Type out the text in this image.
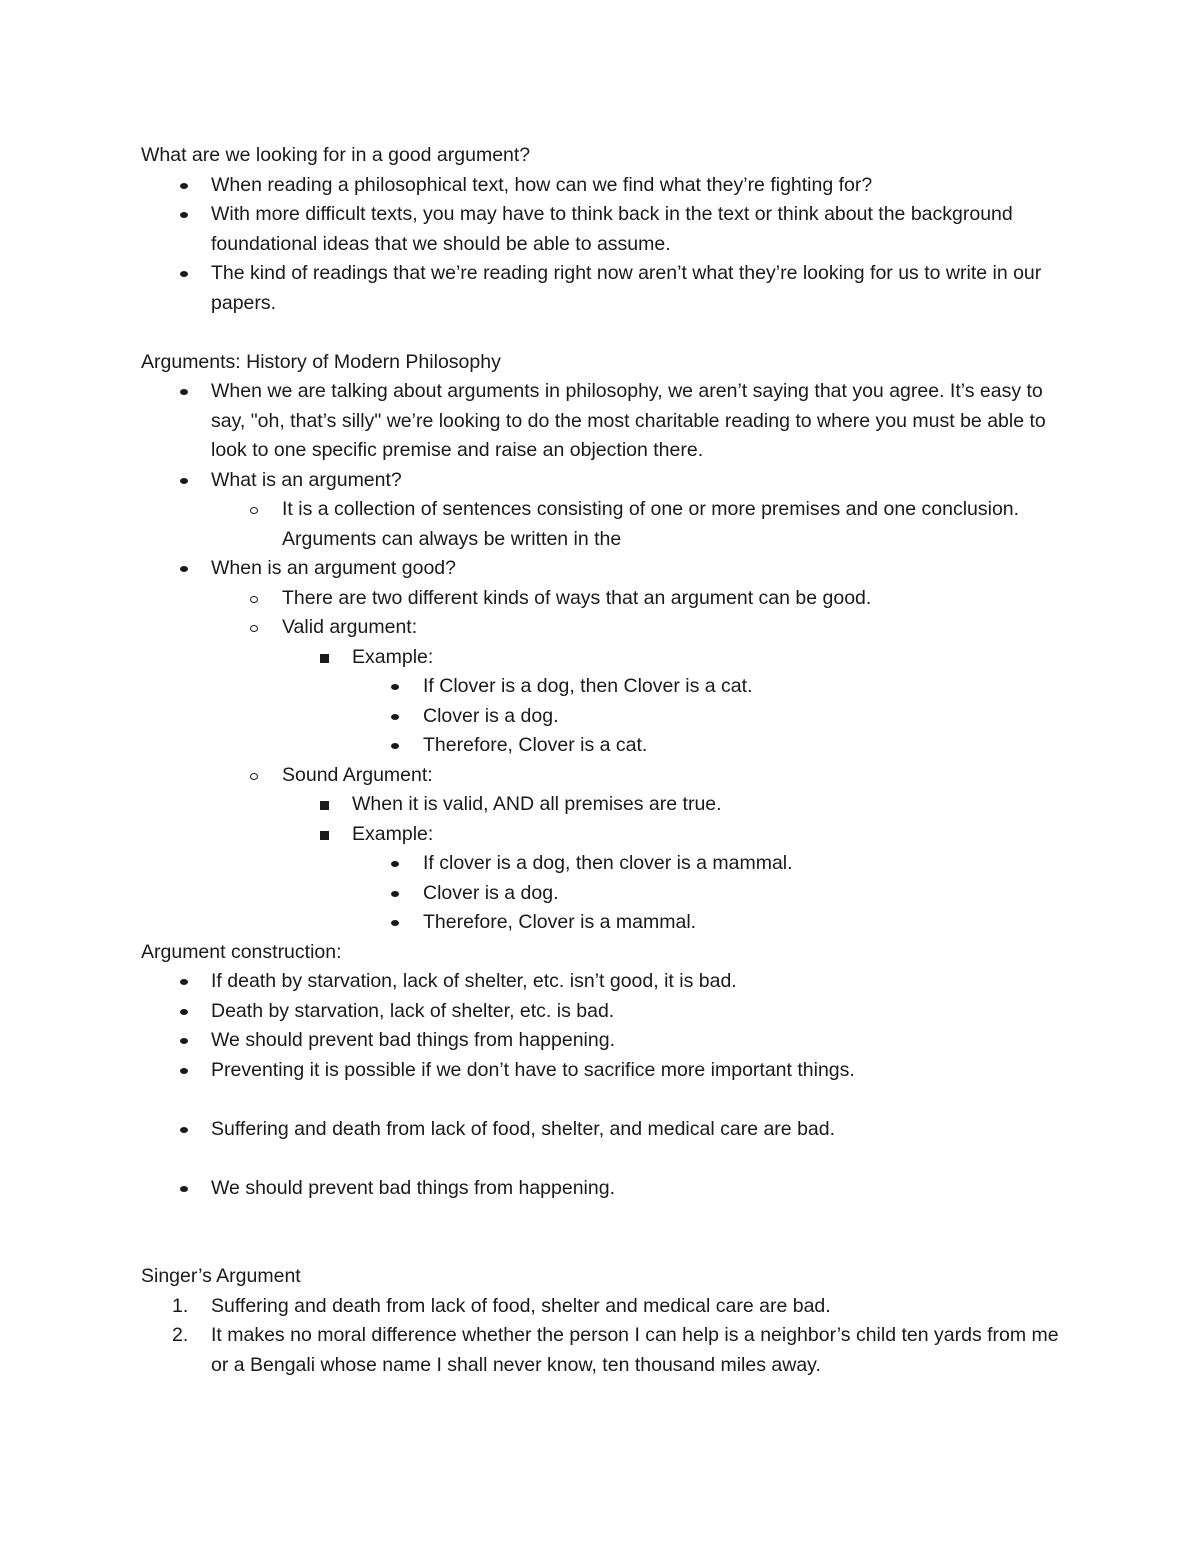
What are we looking for in a good argument?
When reading a philosophical text, how can we find what they’re fighting for?
With more difficult texts, you may have to think back in the text or think about the background foundational ideas that we should be able to assume.
The kind of readings that we’re reading right now aren’t what they’re looking for us to write in our papers.
Arguments: History of Modern Philosophy
When we are talking about arguments in philosophy, we aren’t saying that you agree. It’s easy to say, "oh, that’s silly" we’re looking to do the most charitable reading to where you must be able to look to one specific premise and raise an objection there.
What is an argument?
It is a collection of sentences consisting of one or more premises and one conclusion. Arguments can always be written in the
When is an argument good?
There are two different kinds of ways that an argument can be good.
Valid argument:
Example:
If Clover is a dog, then Clover is a cat.
Clover is a dog.
Therefore, Clover is a cat.
Sound Argument:
When it is valid, AND all premises are true.
Example:
If clover is a dog, then clover is a mammal.
Clover is a dog.
Therefore, Clover is a mammal.
Argument construction:
If death by starvation, lack of shelter, etc. isn’t good, it is bad.
Death by starvation, lack of shelter, etc. is bad.
We should prevent bad things from happening.
Preventing it is possible if we don’t have to sacrifice more important things.
Suffering and death from lack of food, shelter, and medical care are bad.
We should prevent bad things from happening.
Singer’s Argument
1.	Suffering and death from lack of food, shelter and medical care are bad.
2.	It makes no moral difference whether the person I can help is a neighbor’s child ten yards from me or a Bengali whose name I shall never know, ten thousand miles away.
